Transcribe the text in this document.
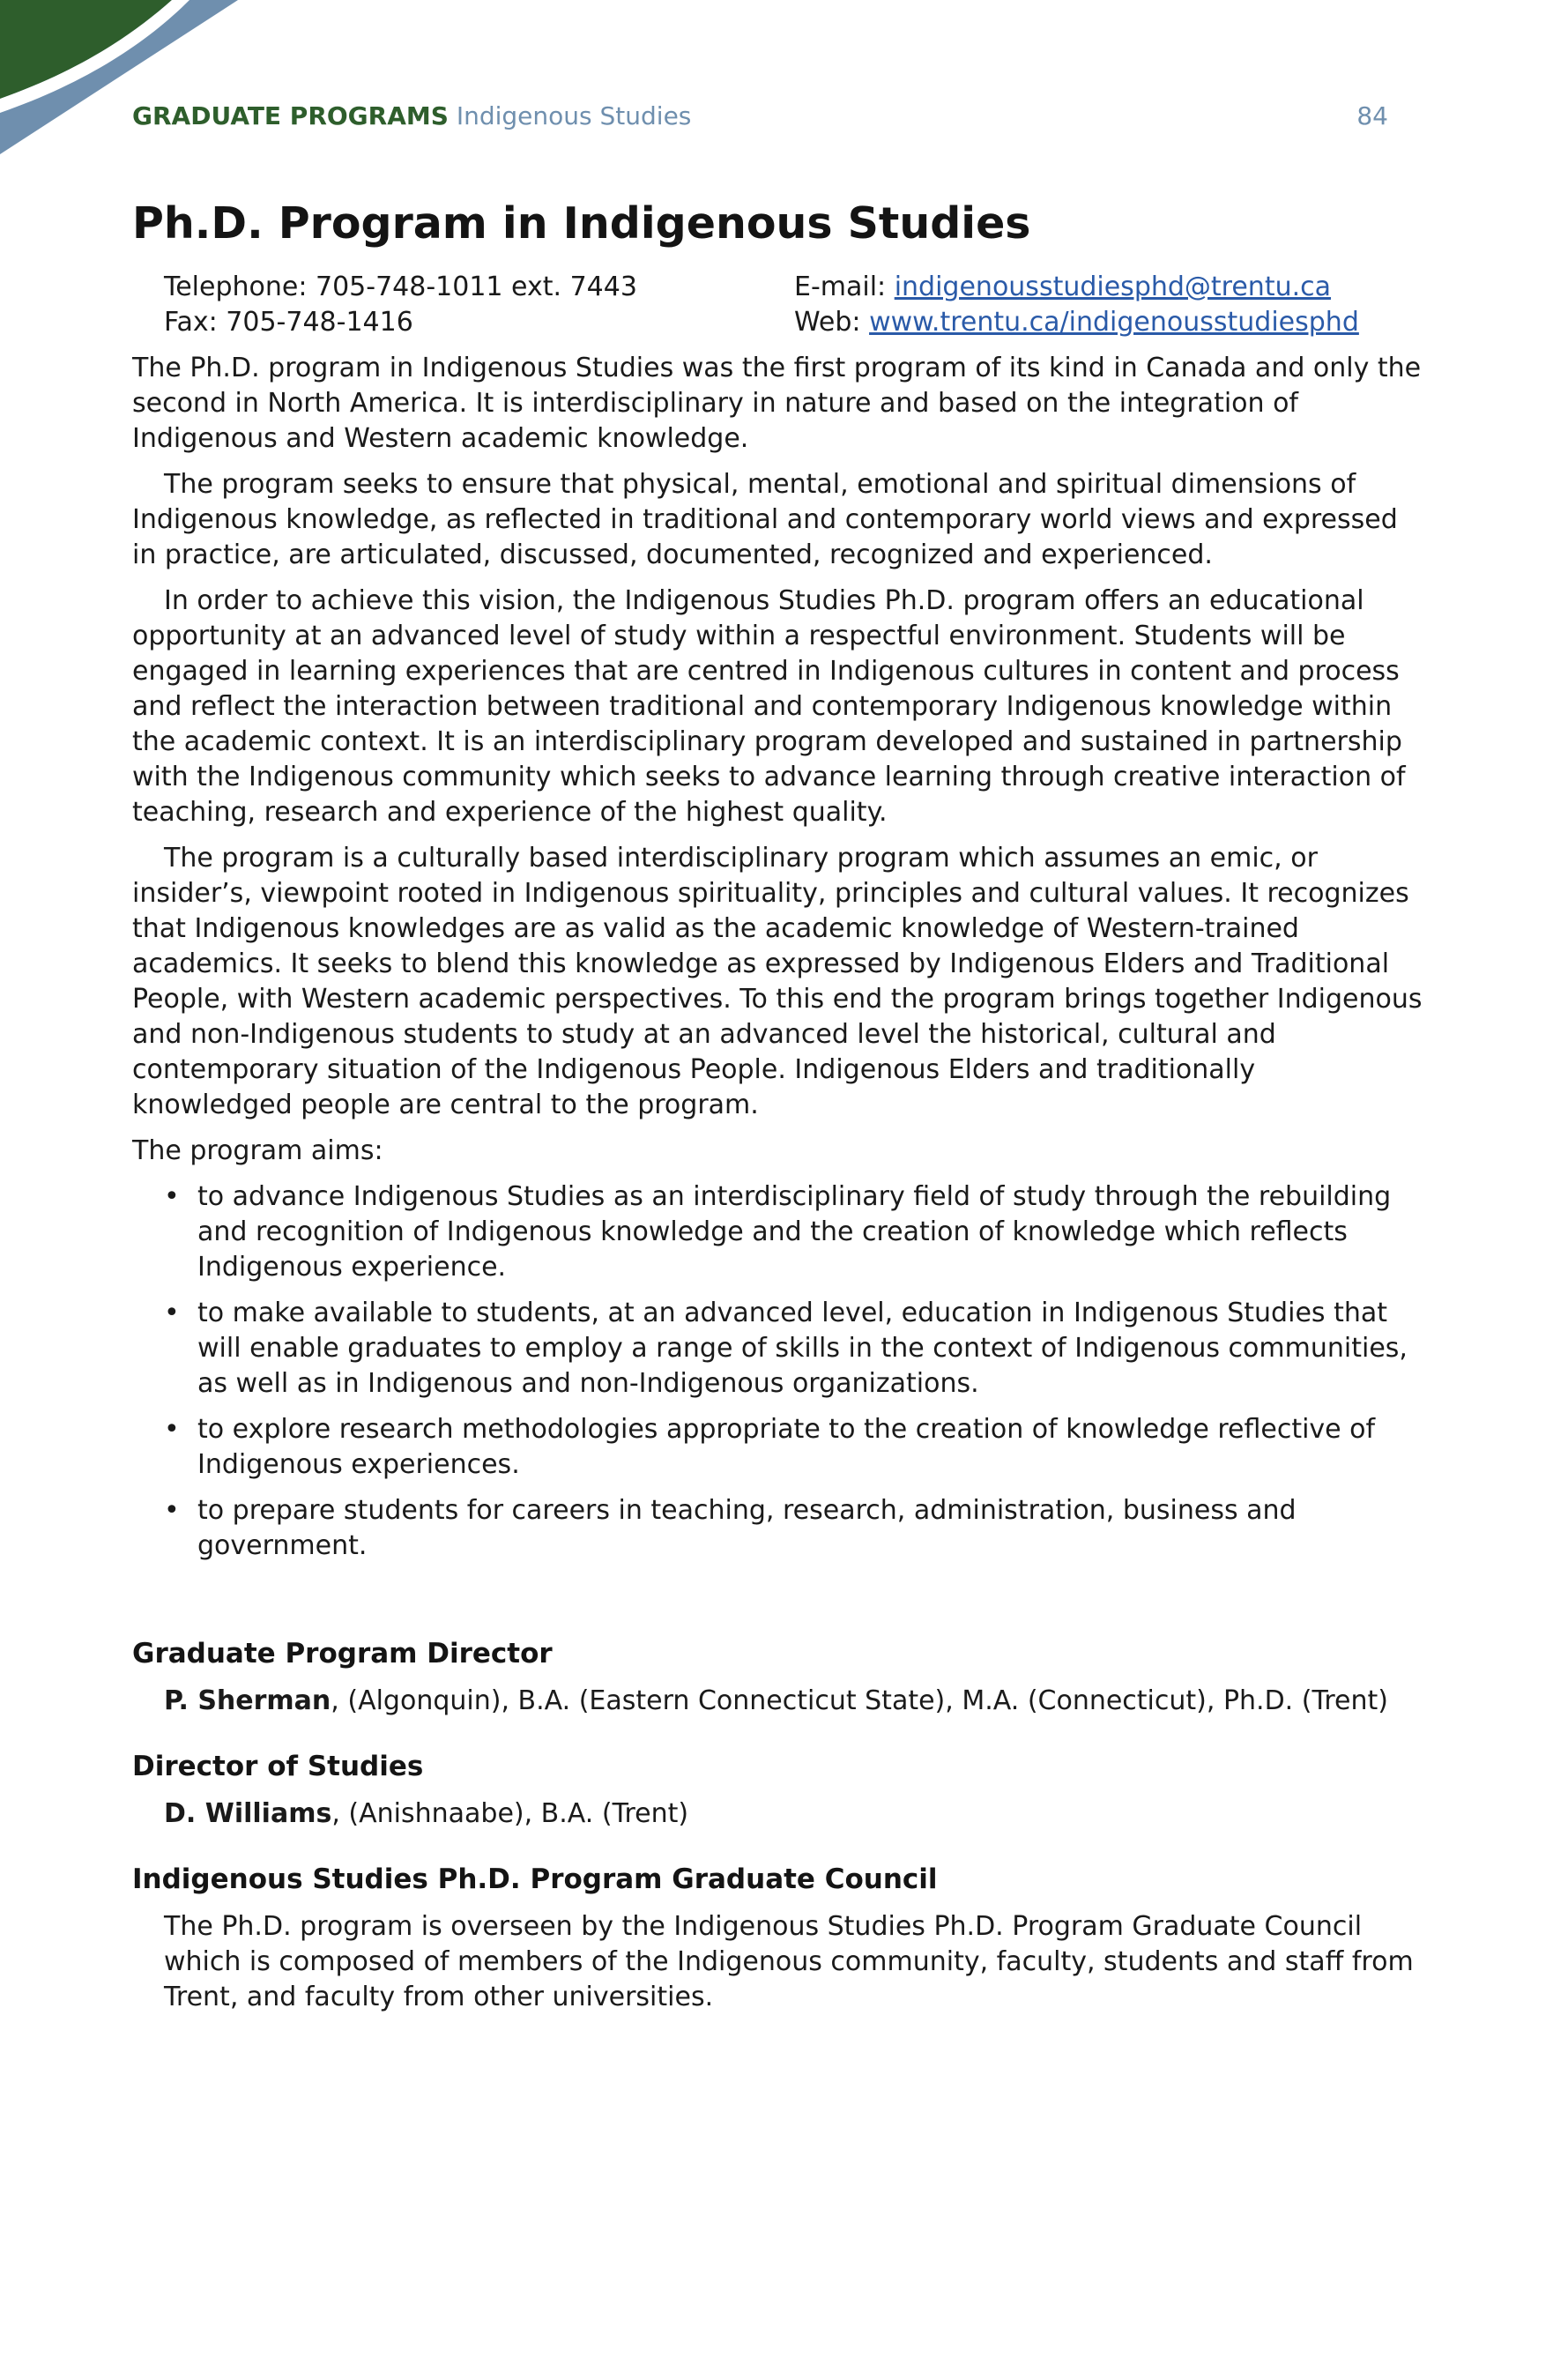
GRADUATE PROGRAMS Indigenous Studies	84
Ph.D. Program in Indigenous Studies
Telephone: 705-748-1011 ext. 7443	E-mail: indigenousstudiesphd@trentu.ca
Fax: 705-748-1416	Web: www.trentu.ca/indigenousstudiesphd

The Ph.D. program in Indigenous Studies was the first program of its kind in Canada and only the second in North America. It is interdisciplinary in nature and based on the integration of Indigenous and Western academic knowledge.

The program seeks to ensure that physical, mental, emotional and spiritual dimensions of Indigenous knowledge, as reflected in traditional and contemporary world views and expressed in practice, are articulated, discussed, documented, recognized and experienced.

In order to achieve this vision, the Indigenous Studies Ph.D. program offers an educational opportunity at an advanced level of study within a respectful environment. Students will be engaged in learning experiences that are centred in Indigenous cultures in content and process and reflect the interaction between traditional and contemporary Indigenous knowledge within the academic context. It is an interdisciplinary program developed and sustained in partnership with the Indigenous community which seeks to advance learning through creative interaction of teaching, research and experience of the highest quality.

The program is a culturally based interdisciplinary program which assumes an emic, or insider’s, viewpoint rooted in Indigenous spirituality, principles and cultural values. It recognizes that Indigenous knowledges are as valid as the academic knowledge of Western-trained academics. It seeks to blend this knowledge as expressed by Indigenous Elders and Traditional People, with Western academic perspectives. To this end the program brings together Indigenous and non-Indigenous students to study at an advanced level the historical, cultural and contemporary situation of the Indigenous People. Indigenous Elders and traditionally knowledged people are central to the program.

The program aims:

• to advance Indigenous Studies as an interdisciplinary field of study through the rebuilding and recognition of Indigenous knowledge and the creation of knowledge which reflects Indigenous experience.
• to make available to students, at an advanced level, education in Indigenous Studies that will enable graduates to employ a range of skills in the context of Indigenous communities, as well as in Indigenous and non-Indigenous organizations.
• to explore research methodologies appropriate to the creation of knowledge reflective of Indigenous experiences.
• to prepare students for careers in teaching, research, administration, business and government.
Graduate Program Director
P. Sherman, (Algonquin), B.A. (Eastern Connecticut State), M.A. (Connecticut), Ph.D. (Trent)
Director of Studies
D. Williams, (Anishnaabe), B.A. (Trent)
Indigenous Studies Ph.D. Program Graduate Council
The Ph.D. program is overseen by the Indigenous Studies Ph.D. Program Graduate Council which is composed of members of the Indigenous community, faculty, students and staff from Trent, and faculty from other universities.
